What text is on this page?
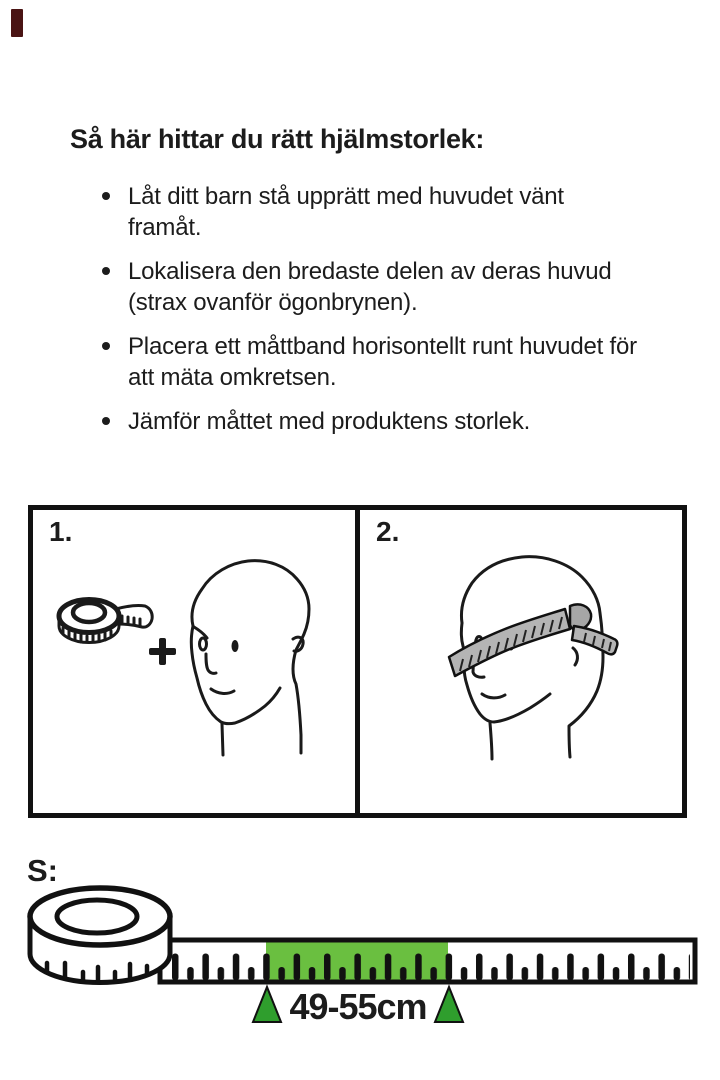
Så här hittar du rätt hjälmstorlek:
Låt ditt barn stå upprätt med huvudet vänt framåt.
Lokalisera den bredaste delen av deras huvud (strax ovanför ögonbrynen).
Placera ett måttband horisontellt runt huvudet för att mäta omkretsen.
Jämför måttet med produktens storlek.
1.	2.
S:
49-55cm
